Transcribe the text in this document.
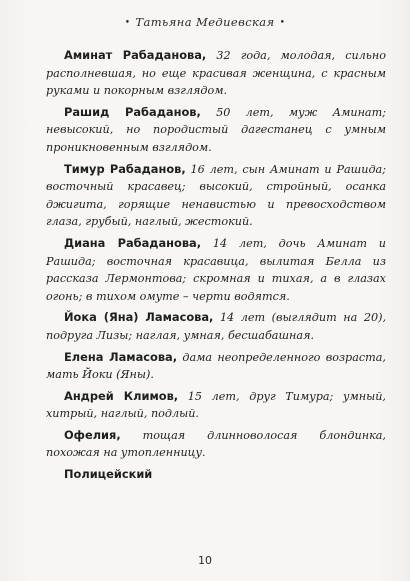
• Татьяна Медиевская •

Аминат Рабаданова, 32 года, молодая, сильно располневшая, но еще красивая женщина, с красным руками и покорным взглядом.

Рашид Рабаданов, 50 лет, муж Аминат; невысокий, но породистый дагестанец с умным проникновенным взглядом.

Тимур Рабаданов, 16 лет, сын Аминат и Рашида; восточный красавец; высокий, стройный, осанка джигита, горящие ненавистью и превосходством глаза, грубый, наглый, жестокий.

Диана Рабаданова, 14 лет, дочь Аминат и Рашида; восточная красавица, вылитая Белла из рассказа Лермонтова; скромная и тихая, а в глазах огонь; в тихом омуте – черти водятся.

Йока (Яна) Ламасова, 14 лет (выглядит на 20), подруга Лизы; наглая, умная, бесшабашная.

Елена Ламасова, дама неопределенного возраста, мать Йоки (Яны).

Андрей Климов, 15 лет, друг Тимура; умный, хитрый, наглый, подлый.

Офелия, тощая длинноволосая блондинка, похожая на утопленницу.

Полицейский

10
